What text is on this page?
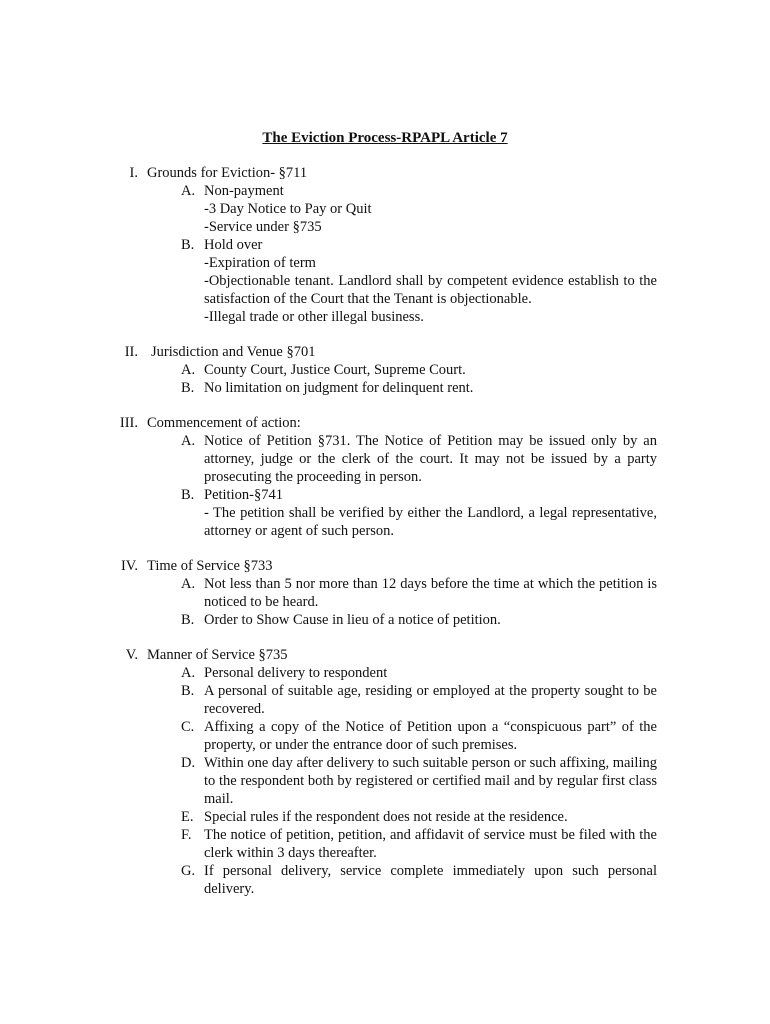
The Eviction Process-RPAPL Article 7
I. Grounds for Eviction- §711
A. Non-payment
-3 Day Notice to Pay or Quit
-Service under §735
B. Hold over
-Expiration of term
-Objectionable tenant. Landlord shall by competent evidence establish to the satisfaction of the Court that the Tenant is objectionable.
-Illegal trade or other illegal business.
II. Jurisdiction and Venue §701
A. County Court, Justice Court, Supreme Court.
B. No limitation on judgment for delinquent rent.
III. Commencement of action:
A. Notice of Petition §731. The Notice of Petition may be issued only by an attorney, judge or the clerk of the court. It may not be issued by a party prosecuting the proceeding in person.
B. Petition-§741
- The petition shall be verified by either the Landlord, a legal representative, attorney or agent of such person.
IV. Time of Service §733
A. Not less than 5 nor more than 12 days before the time at which the petition is noticed to be heard.
B. Order to Show Cause in lieu of a notice of petition.
V. Manner of Service §735
A. Personal delivery to respondent
B. A personal of suitable age, residing or employed at the property sought to be recovered.
C. Affixing a copy of the Notice of Petition upon a “conspicuous part” of the property, or under the entrance door of such premises.
D. Within one day after delivery to such suitable person or such affixing, mailing to the respondent both by registered or certified mail and by regular first class mail.
E. Special rules if the respondent does not reside at the residence.
F. The notice of petition, petition, and affidavit of service must be filed with the clerk within 3 days thereafter.
G. If personal delivery, service complete immediately upon such personal delivery.
